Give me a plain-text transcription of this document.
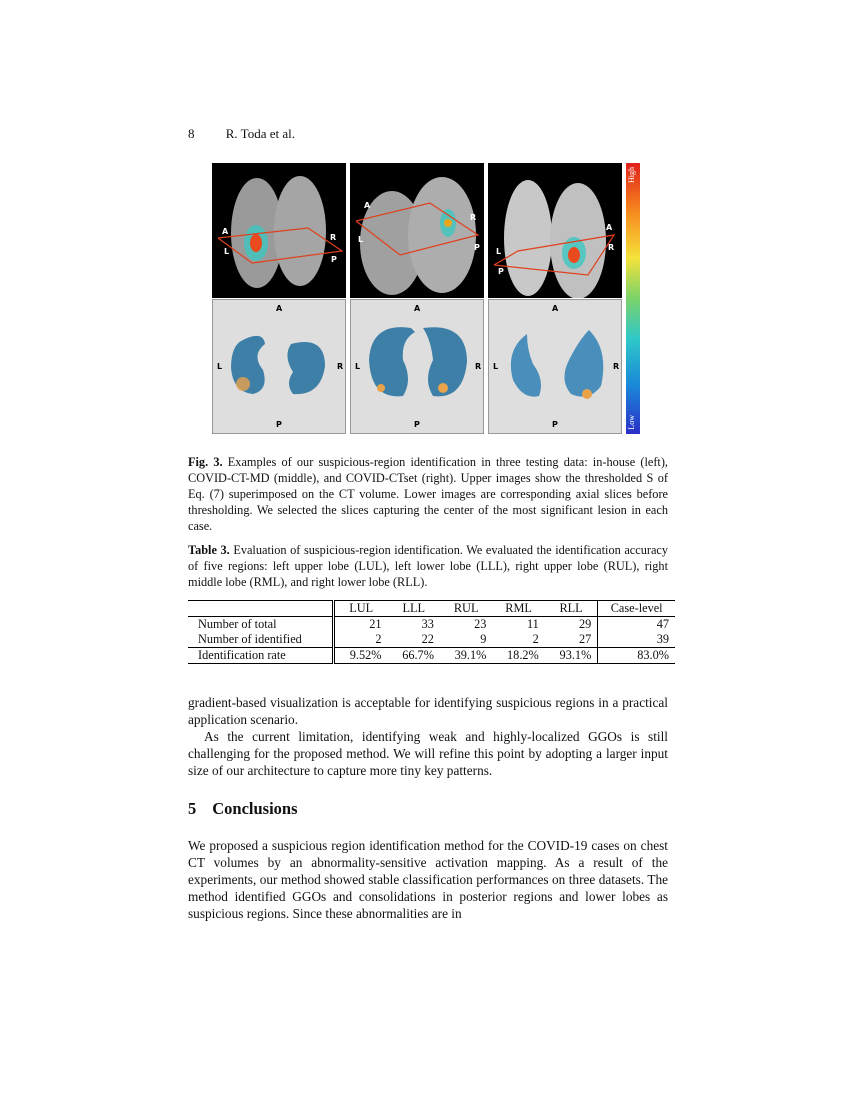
8 R. Toda et al.
A
L
R
P
A
L
R
P L
P
A
R
A
L	R
P
A
L	R
P
A
L	R
P
High
Low
Fig. 3. Examples of our suspicious-region identification in three testing data: in-house (left), COVID-CT-MD (middle), and COVID-CTset (right). Upper images show the thresholded S of Eq. (7) superimposed on the CT volume. Lower images are corresponding axial slices before thresholding. We selected the slices capturing the center of the most significant lesion in each case.
Table 3. Evaluation of suspicious-region identification. We evaluated the identification accuracy of five regions: left upper lobe (LUL), left lower lobe (LLL), right upper lobe (RUL), right middle lobe (RML), and right lower lobe (RLL).
	LUL	LLL	RUL	RML	RLL	Case-level
Number of total	21	33	23	11	29	47
Number of identified	2	22	9	2	27	39
Identification rate	9.52%	66.7%	39.1%	18.2%	93.1%	83.0%
gradient-based visualization is acceptable for identifying suspicious regions in a practical application scenario.
As the current limitation, identifying weak and highly-localized GGOs is still challenging for the proposed method. We will refine this point by adopting a larger input size of our architecture to capture more tiny key patterns.
5 Conclusions
We proposed a suspicious region identification method for the COVID-19 cases on chest CT volumes by an abnormality-sensitive activation mapping. As a result of the experiments, our method showed stable classification performances on three datasets. The method identified GGOs and consolidations in posterior regions and lower lobes as suspicious regions. Since these abnormalities are in
